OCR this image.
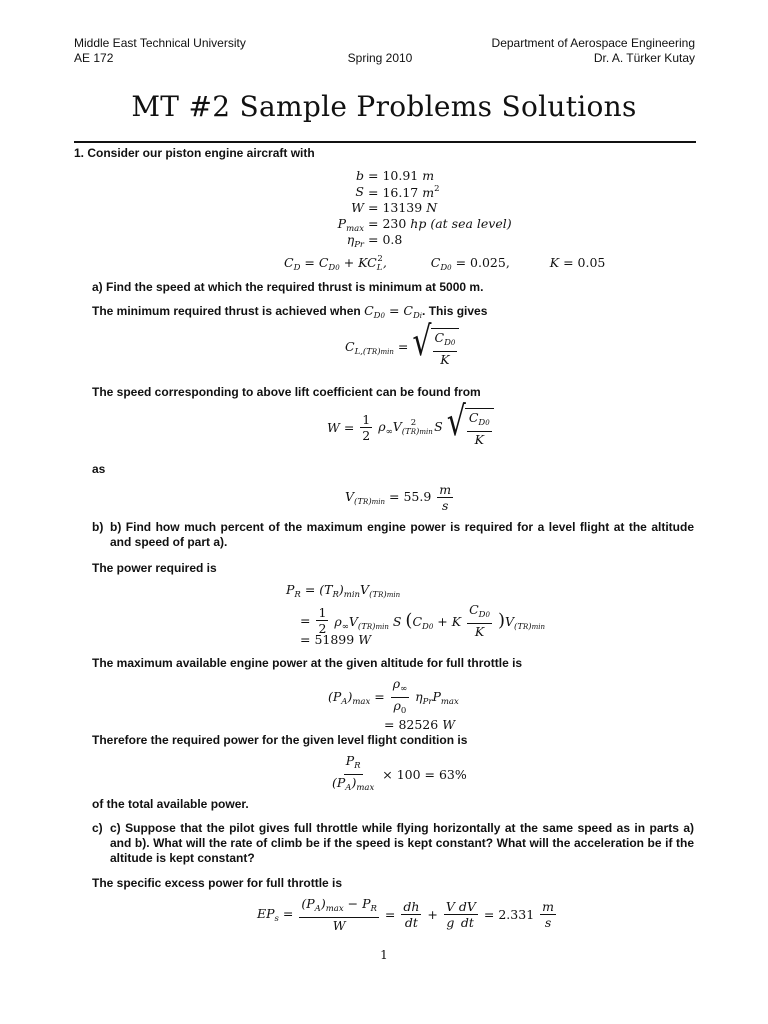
Middle East Technical University
AE 172	Spring 2010
Department of Aerospace Engineering
Dr. A. Türker Kutay
MT #2 Sample Problems Solutions
1. Consider our piston engine aircraft with
b = 10.91 m
S = 16.17 $m^2$
W = 13139 N
$P_{max} = 230$ hp (at sea level)
$\eta_{Pr} = 0.8$
$C_D = C_{D0} + KC_L^2$,	$C_{D0} = 0.025$,	K = 0.05
a) Find the speed at which the required thrust is minimum at 5000 m.
The minimum required thrust is achieved when $C_{D0} = C_{Di}$. This gives
$C_{L,(TR)min}$ = √ $\frac{C_{D0}}{K}$
The speed corresponding to above lift coefficient can be found from
$W = \frac{1}{2} \rho_\infty V_{(TR)min}^2$ S √ $\frac{C_{D0}}{K}$
as
$V_{(TR)min} = 55.9 \frac{m}{s}$
b) b) Find how much percent of the maximum engine power is required for a level flight at the altitude and speed of part a).
The power required is
$P_R = (T_R)_{min}V_{(TR)min}$
= $\frac{1}{2} \rho_\infty V_{(TR)min}$ S $(C_{D0} + K \frac{C_{D0}}{K} )V_{(TR)min}$
= 51899 W
The maximum available engine power at the given altitude for full throttle is
$(P_A)_{max} = \frac{\rho_\infty}{\rho_0} \eta_{Pr}P_{max}$
= 82526 W
Therefore the required power for the given level flight condition is
$\frac{P_R}{(P_A)_{max}} \times 100 = 63\%$
of the total available power.
c) c) Suppose that the pilot gives full throttle while flying horizontally at the same speed as in parts a) and b). What will the rate of climb be if the speed is kept constant? What will the acceleration be if the altitude is kept constant?
The specific excess power for full throttle is
$EP_s = \frac{(P_A)_{max} - P_R}{W} = \frac{dh}{dt} + \frac{V}{g} \frac{dV}{dt} = 2.331 \frac{m}{s}$
1
